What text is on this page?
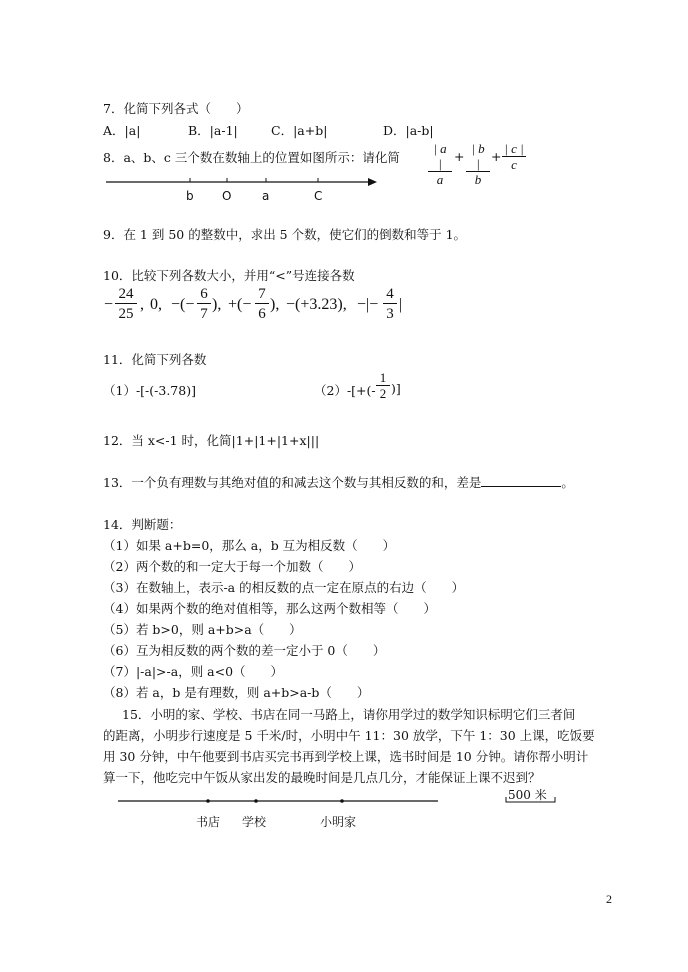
7．化简下列各式（　　）
A．|a|	B．|a-1|	C．|a+b|	D．|a-b|
8．a、b、c 三个数在数轴上的位置如图所示：请化简 $\frac{| a |}{a} + \frac{| b |}{b} + \frac{| c |}{c}$
b O	a	C
9．在 1 到 50 的整数中，求出 5 个数，使它们的倒数和等于 1。
10．比较下列各数大小，并用“<”号连接各数
− $\frac{24}{25}$ , 0, −(− $\frac{6}{7}$ ), +(− $\frac{7}{6}$ ), −(+3.23), −|− $\frac{4}{3}$ |
11．化简下列各数
（1）-[-(-3.78)]	$(2)-[+(- \frac{1}{2}$ )]
12．当 x<-1 时，化简|1+|1+|1+x|||
13．一个负有理数与其绝对值的和减去这个数与其相反数的和，差是	。
14．判断题：
（1）如果 a+b=0，那么 a，b 互为相反数（　　）
（2）两个数的和一定大于每一个加数（　　）
（3）在数轴上，表示-a 的相反数的点一定在原点的右边（　　）
（4）如果两个数的绝对值相等，那么这两个数相等（　　）
（5）若 b>0，则 a+b>a（　　）
（6）互为相反数的两个数的差一定小于 0（　　）
（7）|-a|>-a，则 a<0（　　）
（8）若 a，b 是有理数，则 a+b>a-b（　　）
15．小明的家、学校、书店在同一马路上，请你用学过的数学知识标明它们三者间
的距离，小明步行速度是 5 千米/时，小明中午 11：30 放学，下午 1：30 上课，吃饭要
用 30 分钟，中午他要到书店买完书再到学校上课，选书时间是 10 分钟。请你帮小明计
算一下，他吃完中午饭从家出发的最晚时间是几点几分，才能保证上课不迟到？
书店 学校	小明家
500 米
2
